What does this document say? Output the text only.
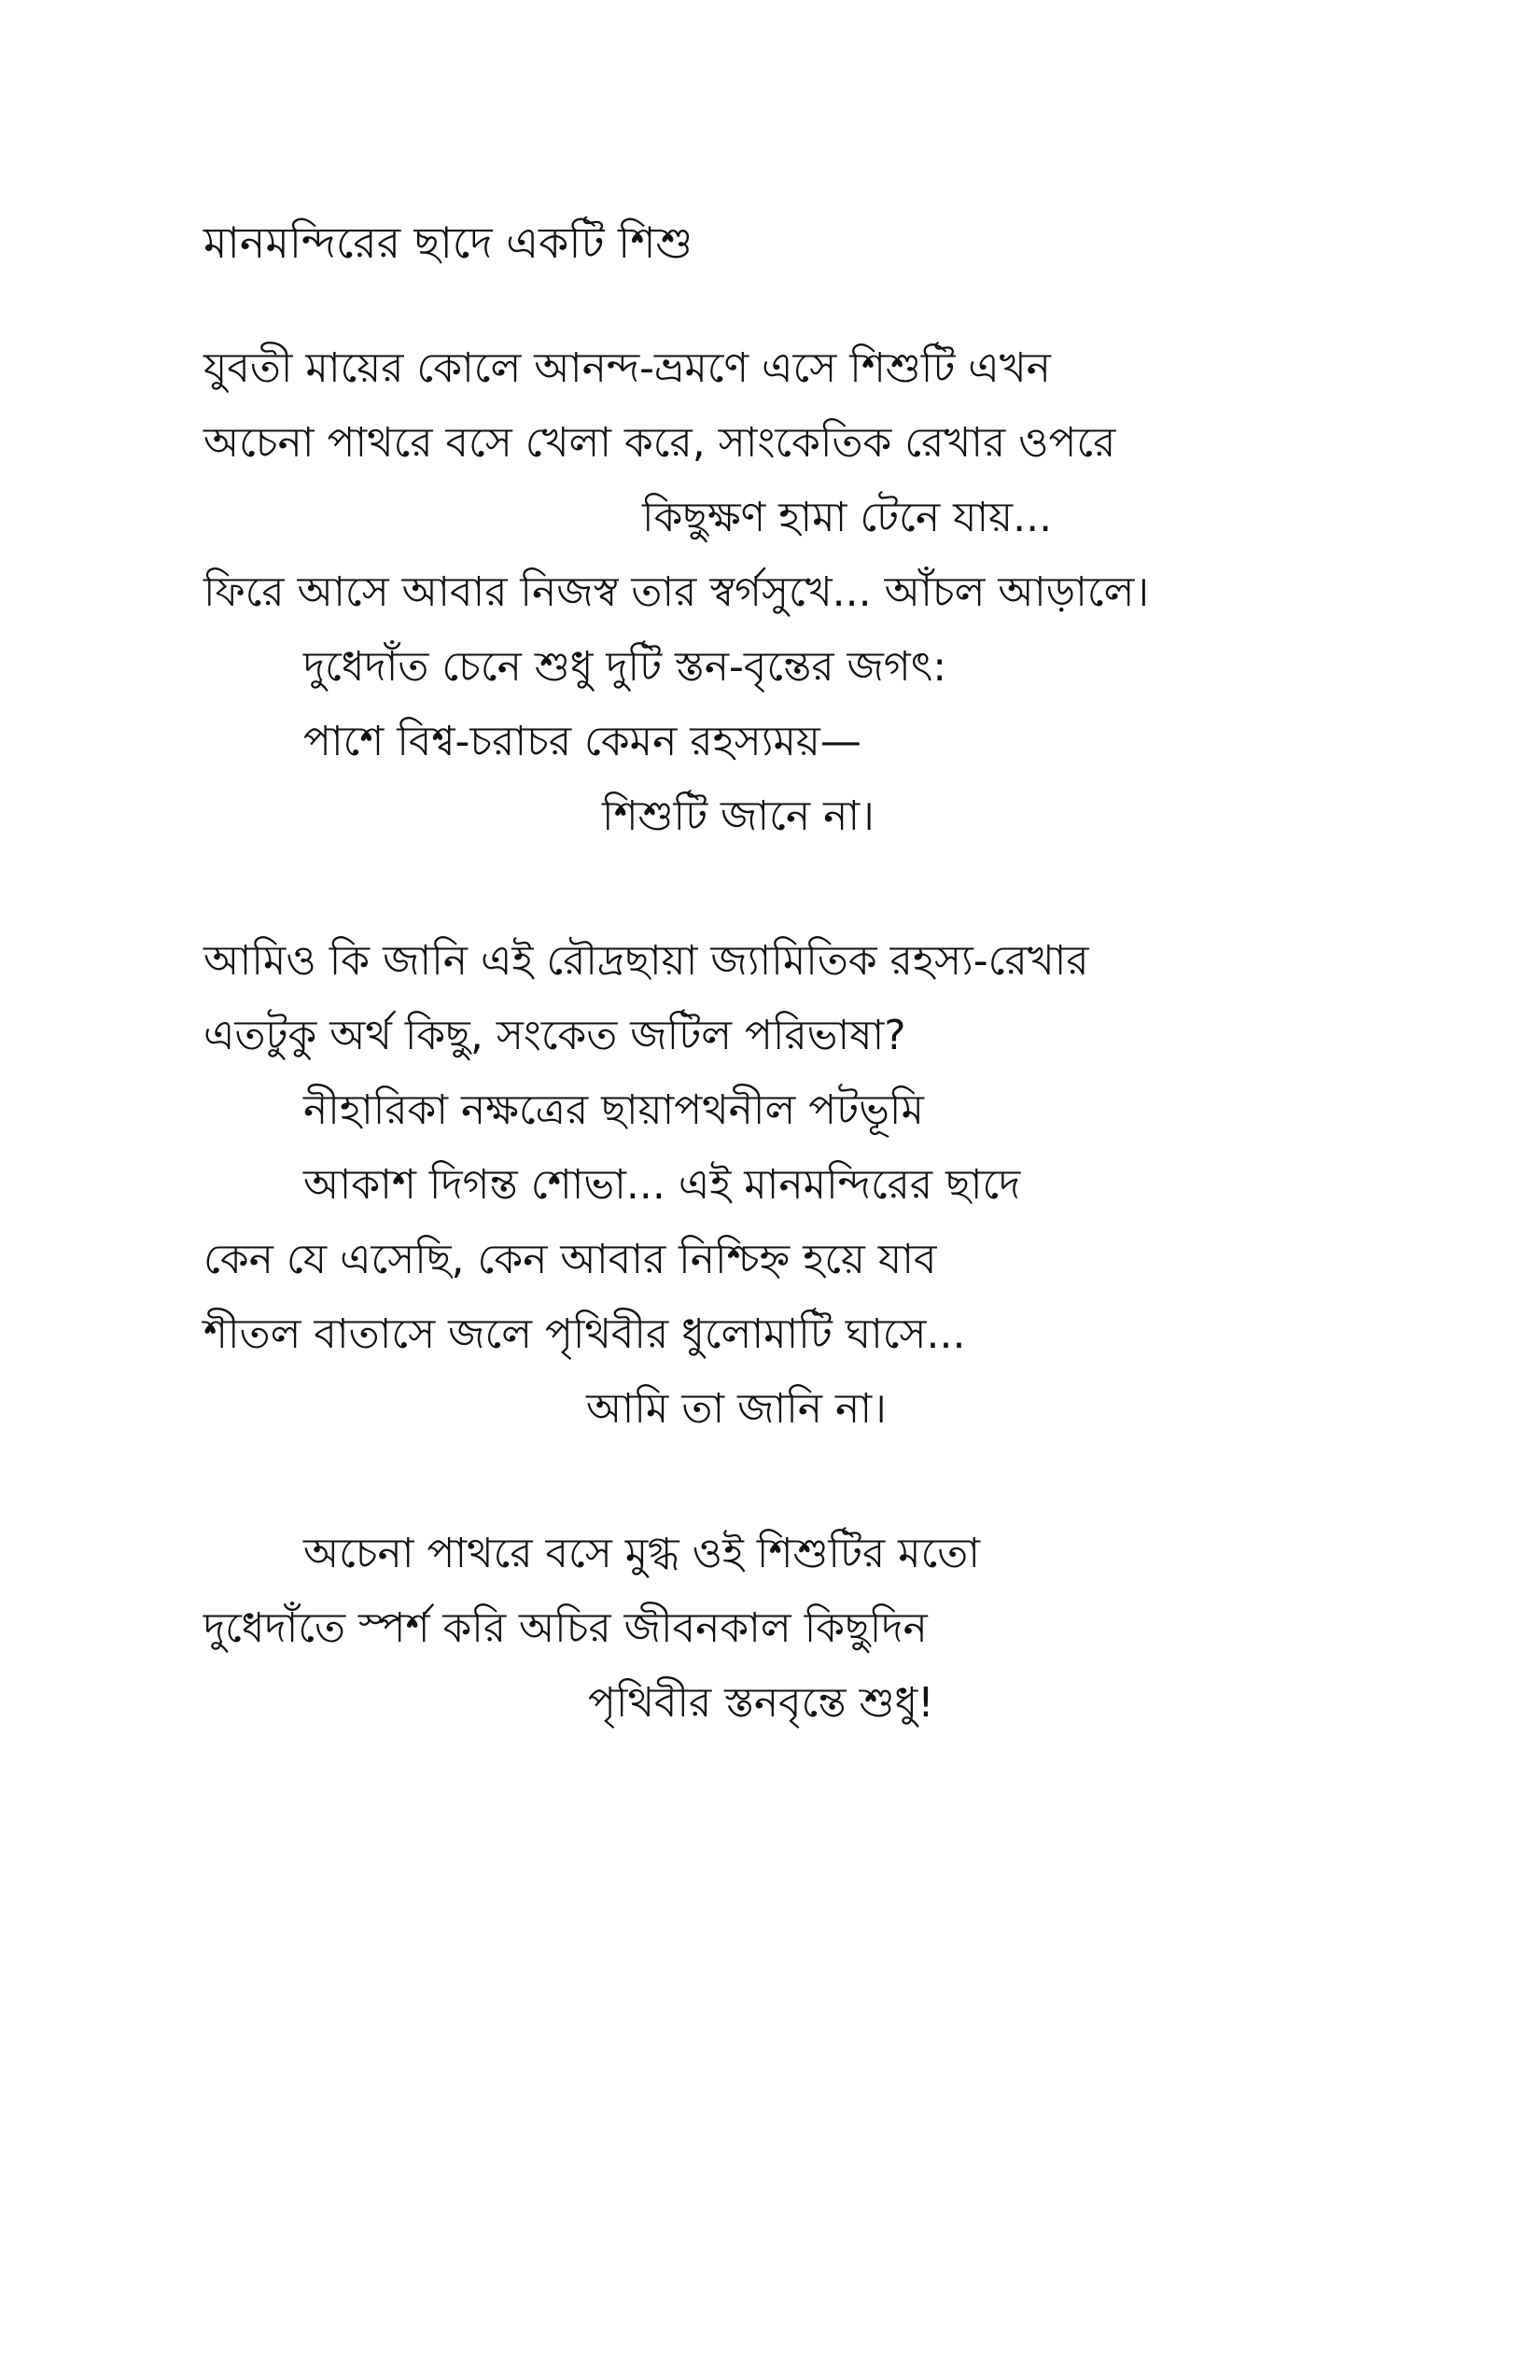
মানমন্দিরের ছাদে একটি শিশু
যুবতী মায়ের কোলে আনন্দ-ভ্রমণে এসে শিশুটি এখন
অচেনা পাথরে বসে খেলা করে, সাংকেতিক রেখার ওপরে
কিছুক্ষণ হামা টেনে যায়...
ফিরে আসে আবার নিজস্ব তার স্বর্গসুখে... আঁচল আড়ালে।
দুধেদাঁত চেনে শুধু দুটি স্তন-বৃন্তের জগৎ:
পাশে বিশ্ব-চরাচর কেমন রহস্যময়—
শিশুটি জানে না।
আমিও কি জানি এই রৌদ্রছায়া জ্যামিতিক রহস্য-রেখার
এতটুকু অর্থ কিছু, সংকেত জটিল পরিভাষা?
নীহারিকা নক্ষত্রের ছায়াপথনীল পটভূমি
আকাশ দিগন্ত শোভা... এই মানমন্দিরের ছাদে
কেন যে এসেছি, কেন আবার নিশ্চিহ্ন হয়ে যাব
শীতল বাতাসে জলে পৃথিবীর ধুলোমাটি ঘাসে...
আমি তা জানি না।
অচেনা পাথরে বসে মুগ্ধ ওই শিশুটির মতো
দুধেদাঁতে স্পর্শ করি অচির জীবনকাল কিছুদিন
পৃথিবীর স্তনবৃন্তে শুধু!
